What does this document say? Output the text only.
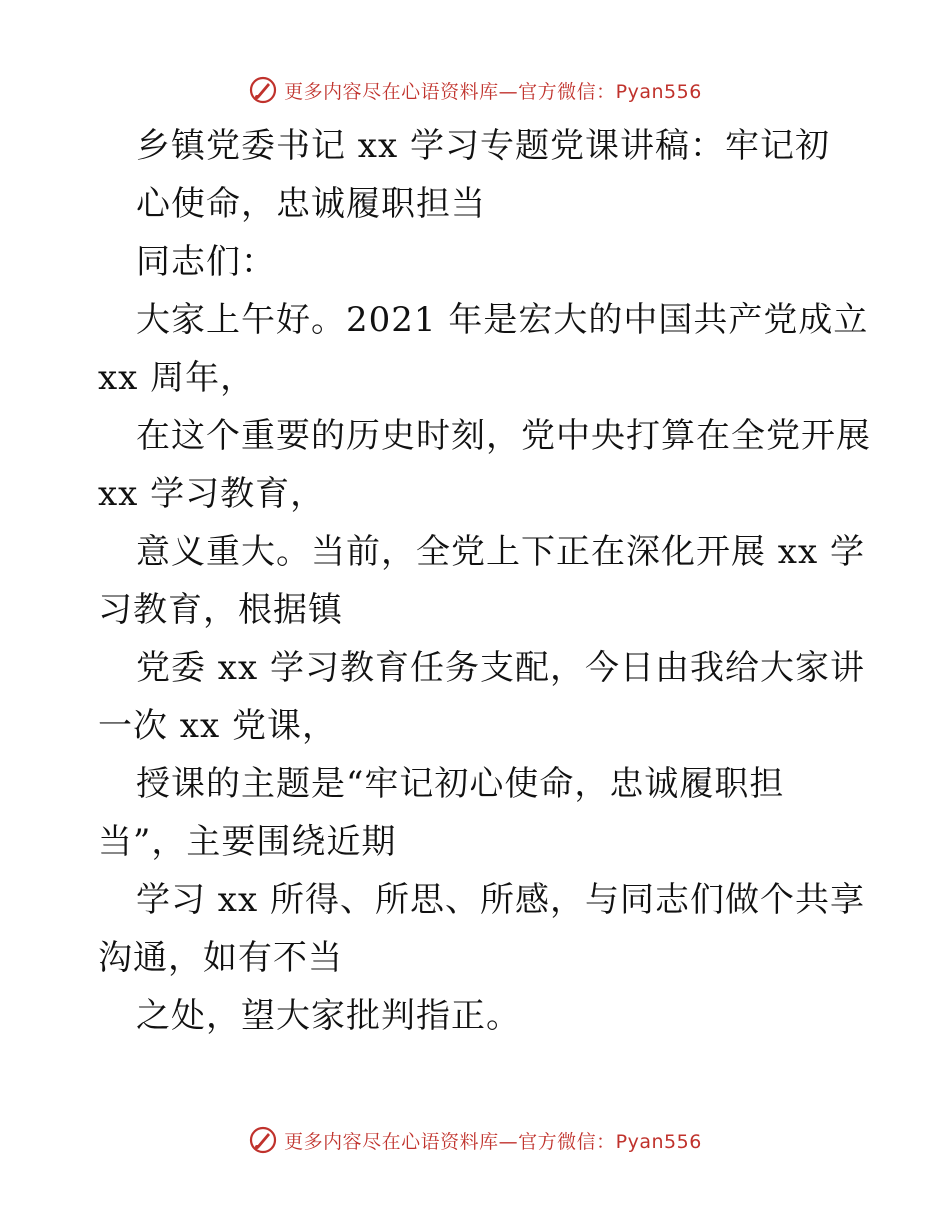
更多内容尽在心语资料库—官方微信：Pyan556
乡镇党委书记 xx 学习专题党课讲稿：牢记初
心使命，忠诚履职担当
同志们：
大家上午好。2021 年是宏大的中国共产党成立
xx 周年，
在这个重要的历史时刻，党中央打算在全党开展
xx 学习教育，
意义重大。当前，全党上下正在深化开展 xx 学
习教育，根据镇
党委 xx 学习教育任务支配，今日由我给大家讲
一次 xx 党课，
授课的主题是“牢记初心使命，忠诚履职担
当”，主要围绕近期
学习 xx 所得、所思、所感，与同志们做个共享
沟通，如有不当
之处，望大家批判指正。
更多内容尽在心语资料库—官方微信：Pyan556
